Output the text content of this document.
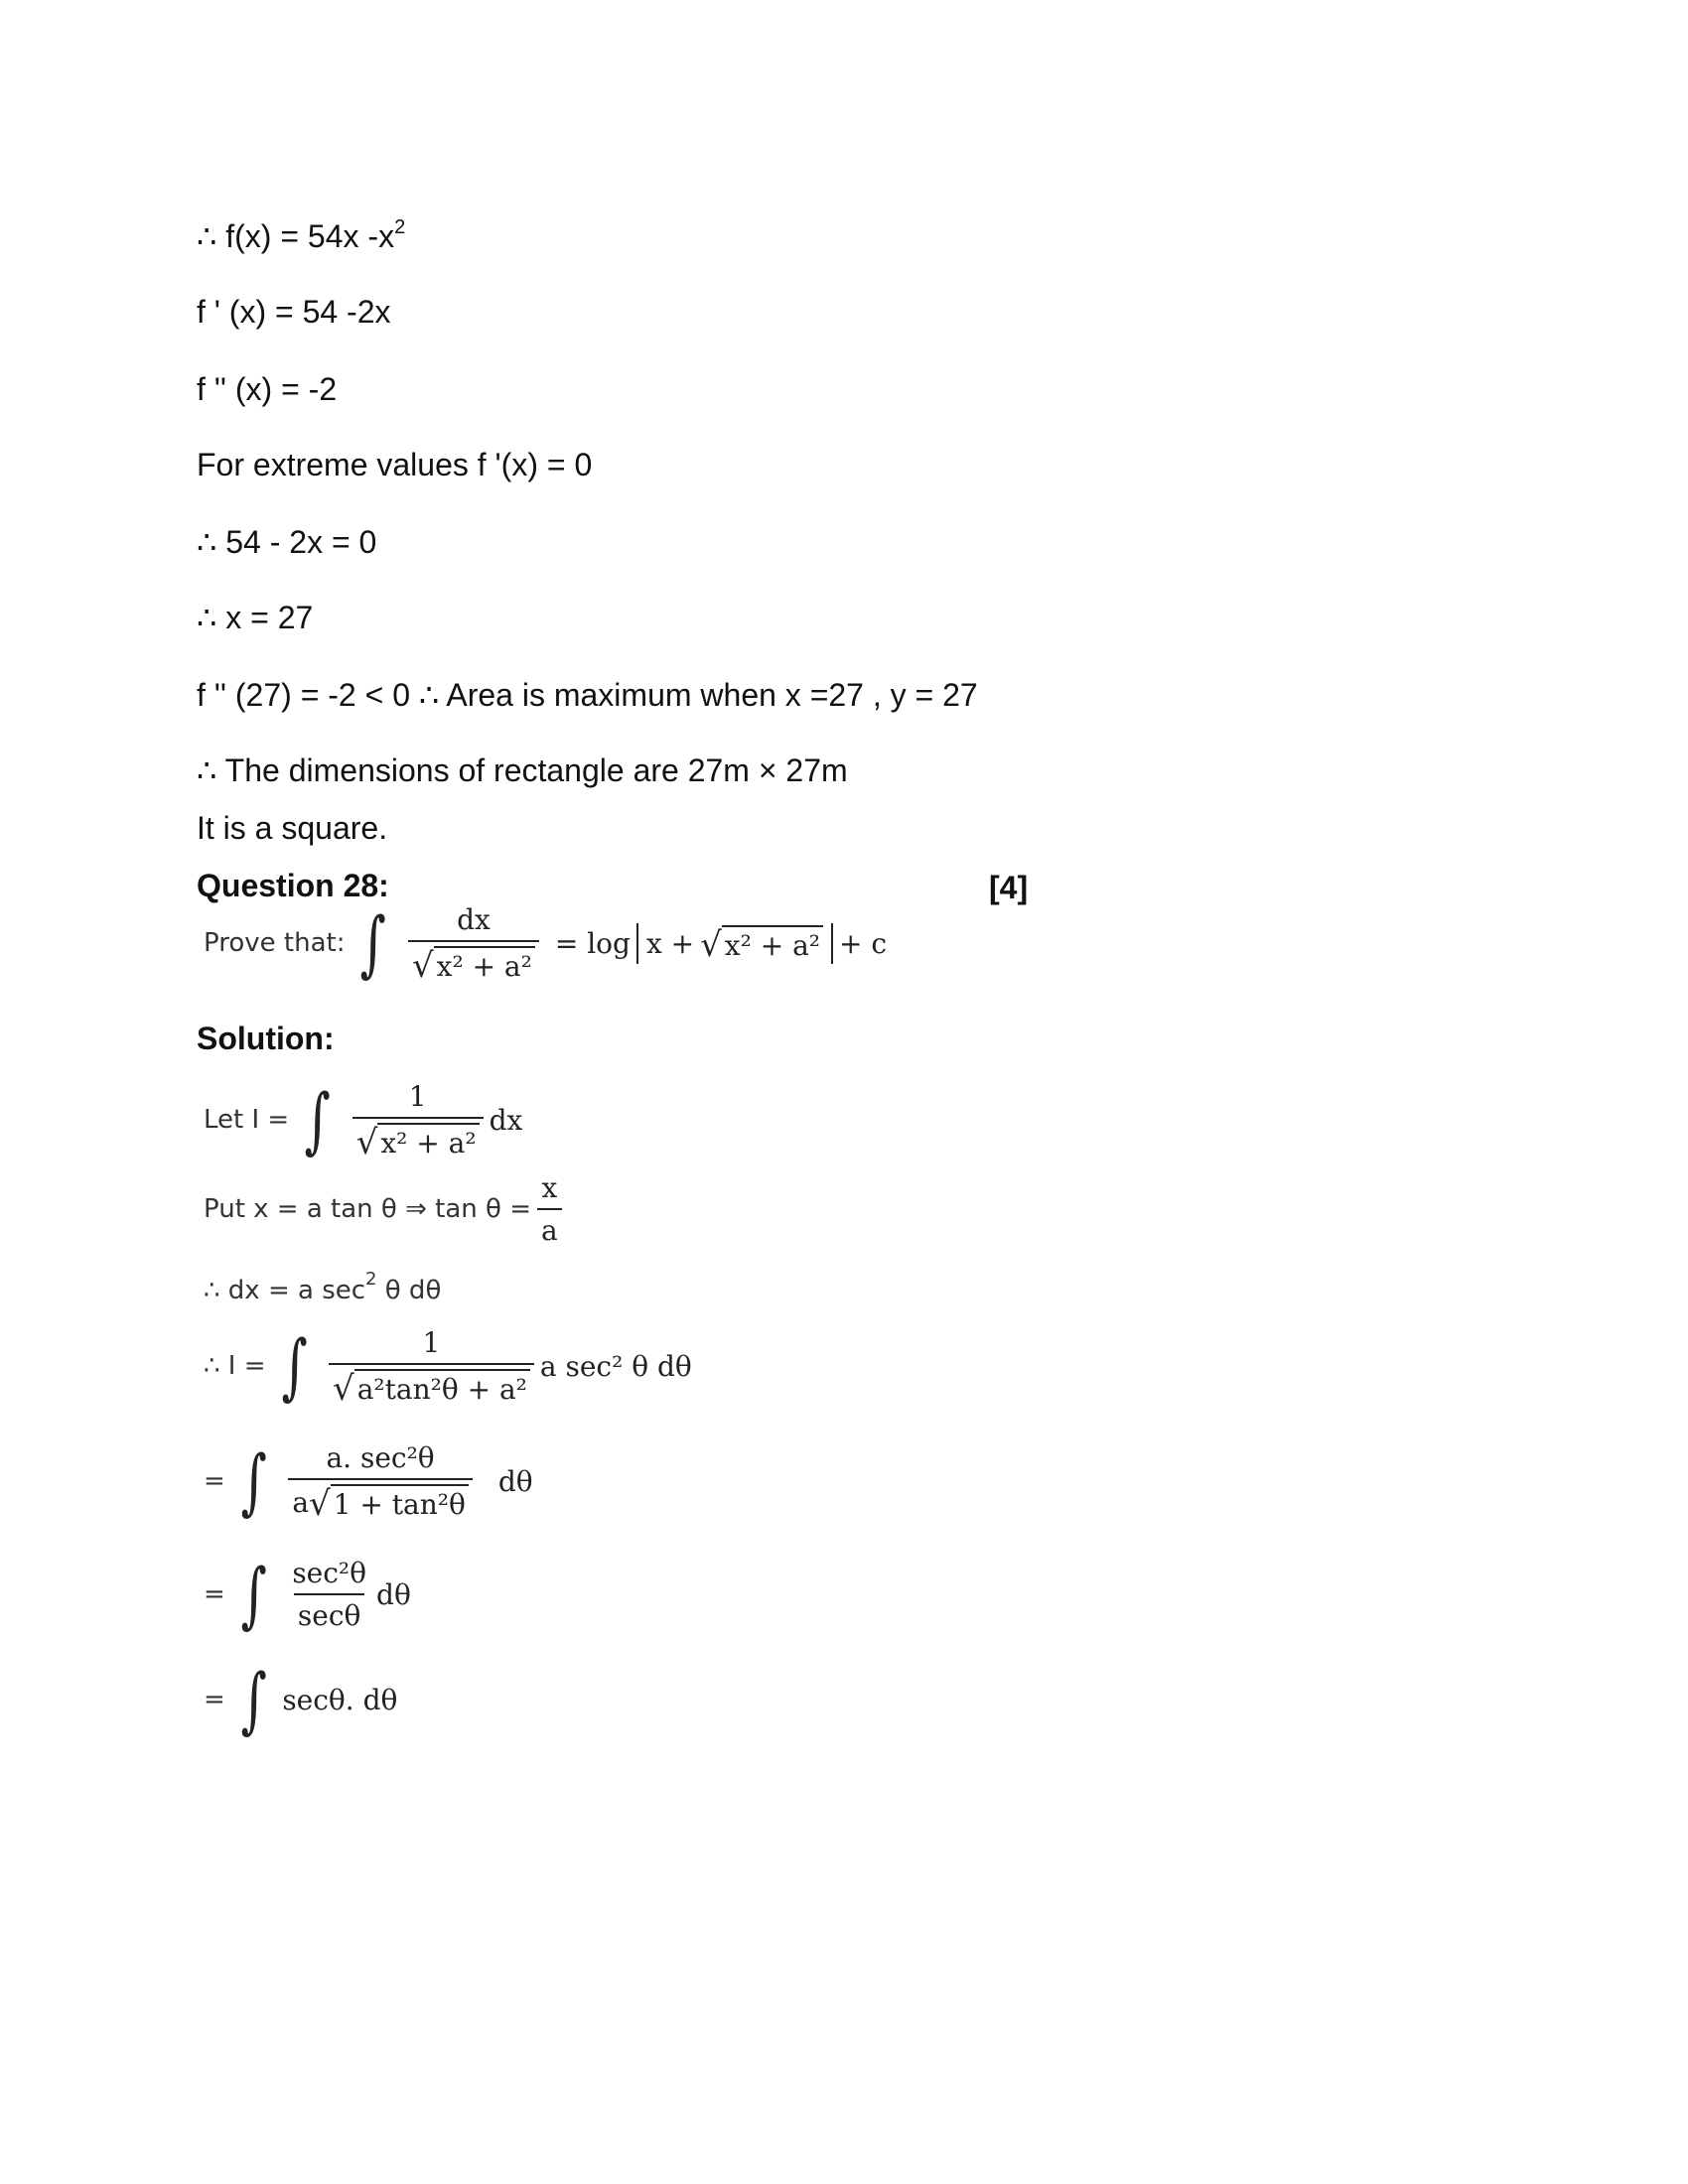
∴ f(x) = 54x $-x^2$
f ' (x) = 54 -2x
f '' (x) = -2
For extreme values f '(x) = 0
∴ 54 - 2x = 0
∴ x = 27
f '' (27) = -2 < 0 ∴ Area is maximum when x =27 , y = 27
∴ The dimensions of rectangle are 27m × 27m
It is a square.
Question 28:	[4]
Prove that: ∫ $\frac{dx}{\text{√ x² + a²}} = \log x$ + √ x² + a² + c
Solution:
Let I = ∫ $\frac{1}{\text{√ x² + a²}}$ dx
Put x = a tan θ ⇒ $\tan \theta = \frac{x}{a}$
∴ dx = a $\sec^2 \theta$ dθ
∴ I = ∫ $\frac{1}{\text{√ a²tan²θ + a²}}$ a sec² θ dθ
= ∫ $\frac{\text{a. sec²θ}}{\text{a √ 1 + tan²θ}}$ dθ
= ∫ $\frac{\text{sec²θ}}{\sec\theta}$ dθ
= ∫ secθ. dθ
